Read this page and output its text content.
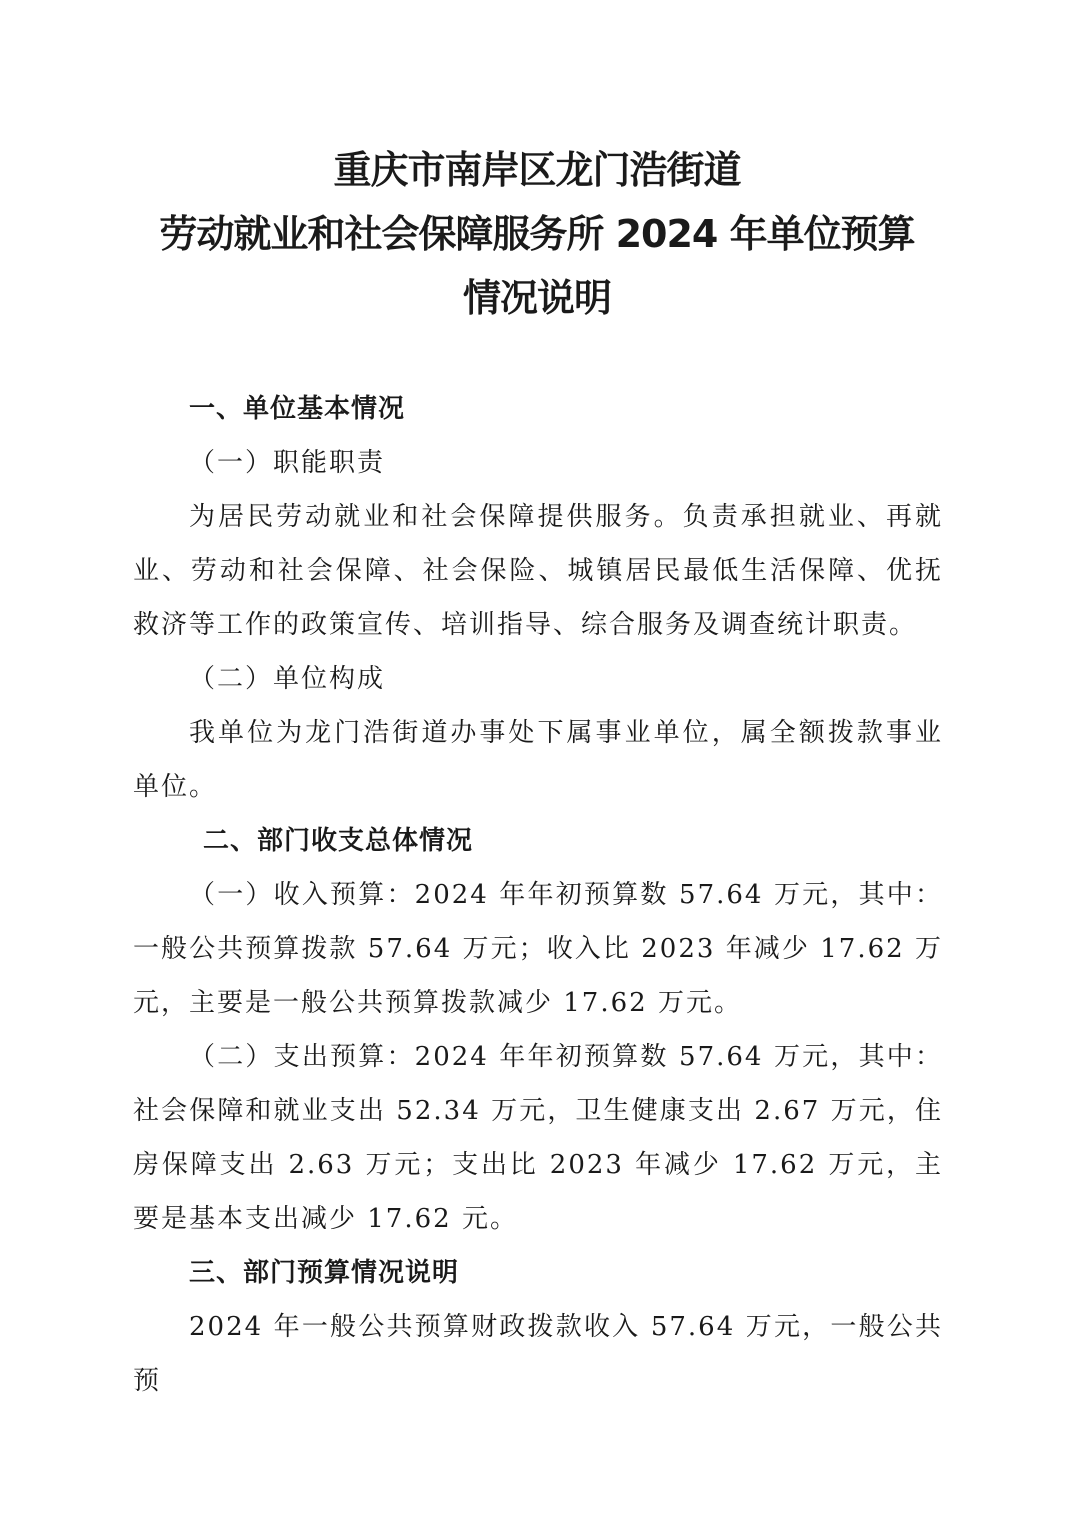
重庆市南岸区龙门浩街道
劳动就业和社会保障服务所 2024 年单位预算
情况说明

一、单位基本情况

（一）职能职责

为居民劳动就业和社会保障提供服务。负责承担就业、再就业、劳动和社会保障、社会保险、城镇居民最低生活保障、优抚救济等工作的政策宣传、培训指导、综合服务及调查统计职责。

（二）单位构成

我单位为龙门浩街道办事处下属事业单位，属全额拨款事业单位。

二、部门收支总体情况

（一）收入预算：2024 年年初预算数 57.64 万元，其中：一般公共预算拨款 57.64 万元；收入比 2023 年减少 17.62 万元，主要是一般公共预算拨款减少 17.62 万元。

（二）支出预算：2024 年年初预算数 57.64 万元，其中：社会保障和就业支出 52.34 万元，卫生健康支出 2.67 万元，住房保障支出 2.63 万元；支出比 2023 年减少 17.62 万元，主要是基本支出减少 17.62 元。

三、部门预算情况说明

2024 年一般公共预算财政拨款收入 57.64 万元，一般公共预
